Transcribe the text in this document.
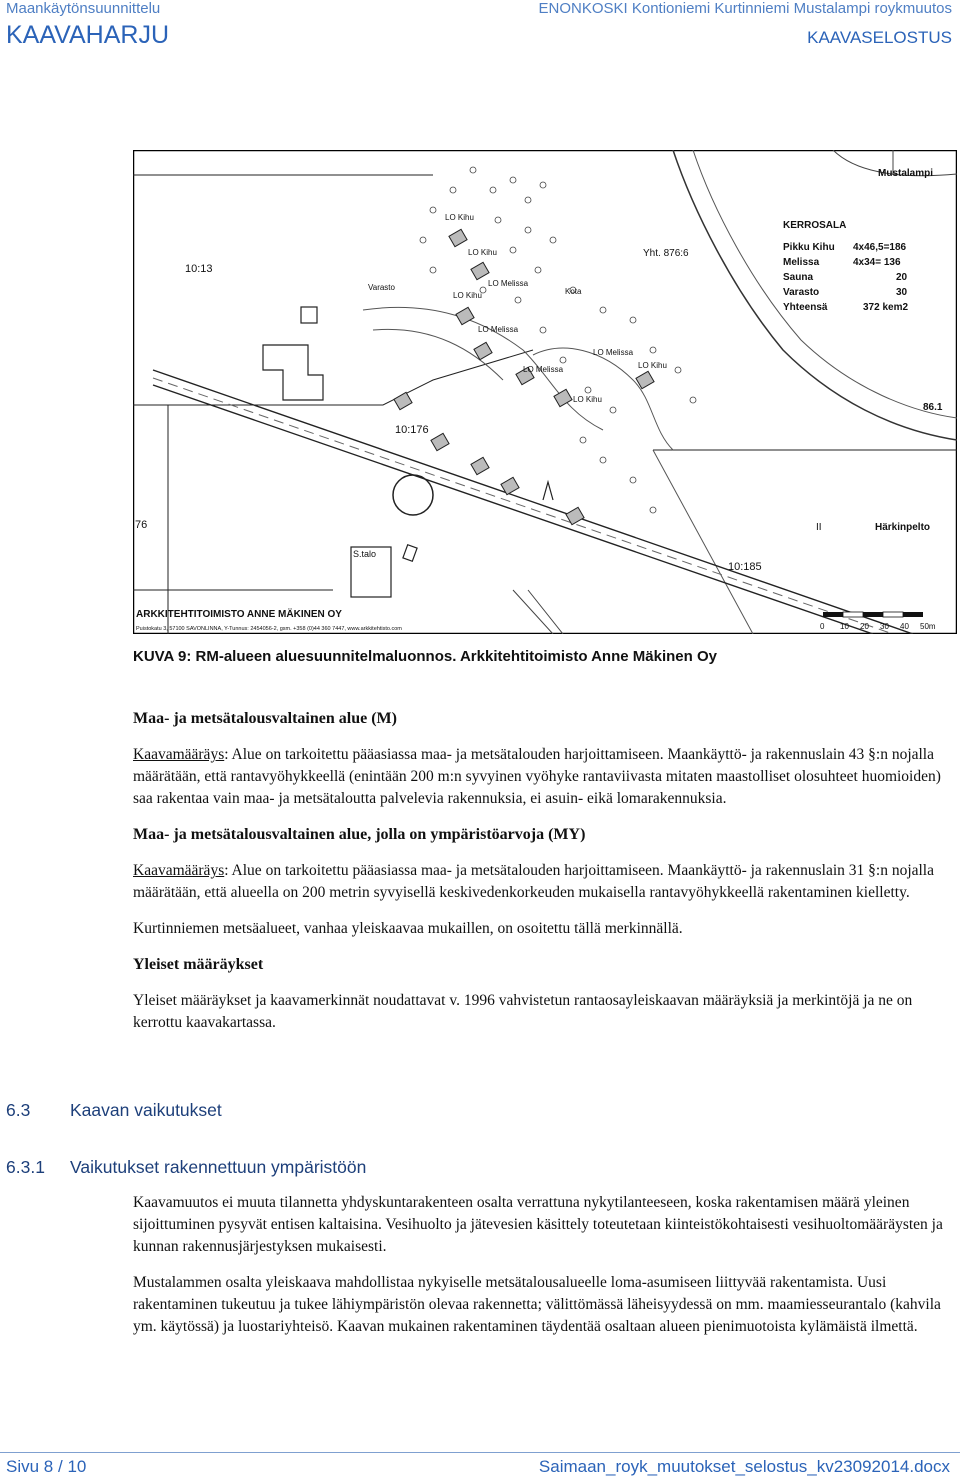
Maankäytönsuunnittelu
KAAVAHARJU
ENONKOSKI Kontioniemi Kurtinniemi Mustalampi roykmuutos
KAAVASELOSTUS
Mustalampi
KERROSALA
Yht. 876:6
10:13
10:176
10:185
86.1
76	Härkinpelto
S.talo
II
Varasto	Kota
LO Kihu
LO Kihu
LO Melissa
LO Kihu
LO Melissa
LO Melissa
LO Melissa	LO Kihu
LO Kihu
Pikku Kihu 4x46,5=186
Melissa	4x34= 136
Sauna	20
Varasto	30
Yhteensä	372 kem2
ARKKITEHTITOIMISTO ANNE MÄKINEN OY
Puistokatu 3, 57100 SAVONLINNA, Y-Tunnus: 2454056-2, gsm. +358 (0)44 360 7447, www.arkkitehtisto.com	0 10 20 30 40 50m
KUVA 9: RM-alueen aluesuunnitelmaluonnos. Arkkitehtitoimisto Anne Mäkinen Oy
Maa- ja metsätalousvaltainen alue (M)

Kaavamääräys: Alue on tarkoitettu pääasiassa maa- ja metsätalouden harjoittamiseen. Maankäyttö- ja rakennuslain 43 §:n nojalla määrätään, että rantavyöhykkeellä (enintään 200 m:n syvyinen vyöhyke rantaviivasta mitaten maastolliset olosuhteet huomioiden) saa rakentaa vain maa- ja metsätaloutta palvelevia rakennuksia, ei asuin- eikä lomarakennuksia.

Maa- ja metsätalousvaltainen alue, jolla on ympäristöarvoja (MY)

Kaavamääräys: Alue on tarkoitettu pääasiassa maa- ja metsätalouden harjoittamiseen. Maankäyttö- ja rakennuslain 31 §:n nojalla määrätään, että alueella on 200 metrin syvyisellä keskivedenkorkeuden mukaisella rantavyöhykkeellä rakentaminen kielletty.

Kurtinniemen metsäalueet, vanhaa yleiskaavaa mukaillen, on osoitettu tällä merkinnällä.

Yleiset määräykset

Yleiset määräykset ja kaavamerkinnät noudattavat v. 1996 vahvistetun rantaosayleiskaavan määräyksiä ja merkintöjä ja ne on kerrottu kaavakartassa.

6.3 Kaavan vaikutukset
6.3.1 Vaikutukset rakennettuun ympäristöön

Kaavamuutos ei muuta tilannetta yhdyskuntarakenteen osalta verrattuna nykytilanteeseen, koska rakentamisen määrä yleinen sijoittuminen pysyvät entisen kaltaisina. Vesihuolto ja jätevesien käsittely toteutetaan kiinteistökohtaisesti vesihuoltomääräysten ja kunnan rakennusjärjestyksen mukaisesti.

Mustalammen osalta yleiskaava mahdollistaa nykyiselle metsätalousalueelle loma-asumiseen liittyvää rakentamista. Uusi rakentaminen tukeutuu ja tukee lähiympäristön olevaa rakennetta; välittömässä läheisyydessä on mm. maamiesseurantalo (kahvila ym. käytössä) ja luostariyhteisö. Kaavan mukainen rakentaminen täydentää osaltaan alueen pienimuotoista kylämäistä ilmettä.

Sivu 8 / 10	Saimaan_royk_muutokset_selostus_kv23092014.docx
